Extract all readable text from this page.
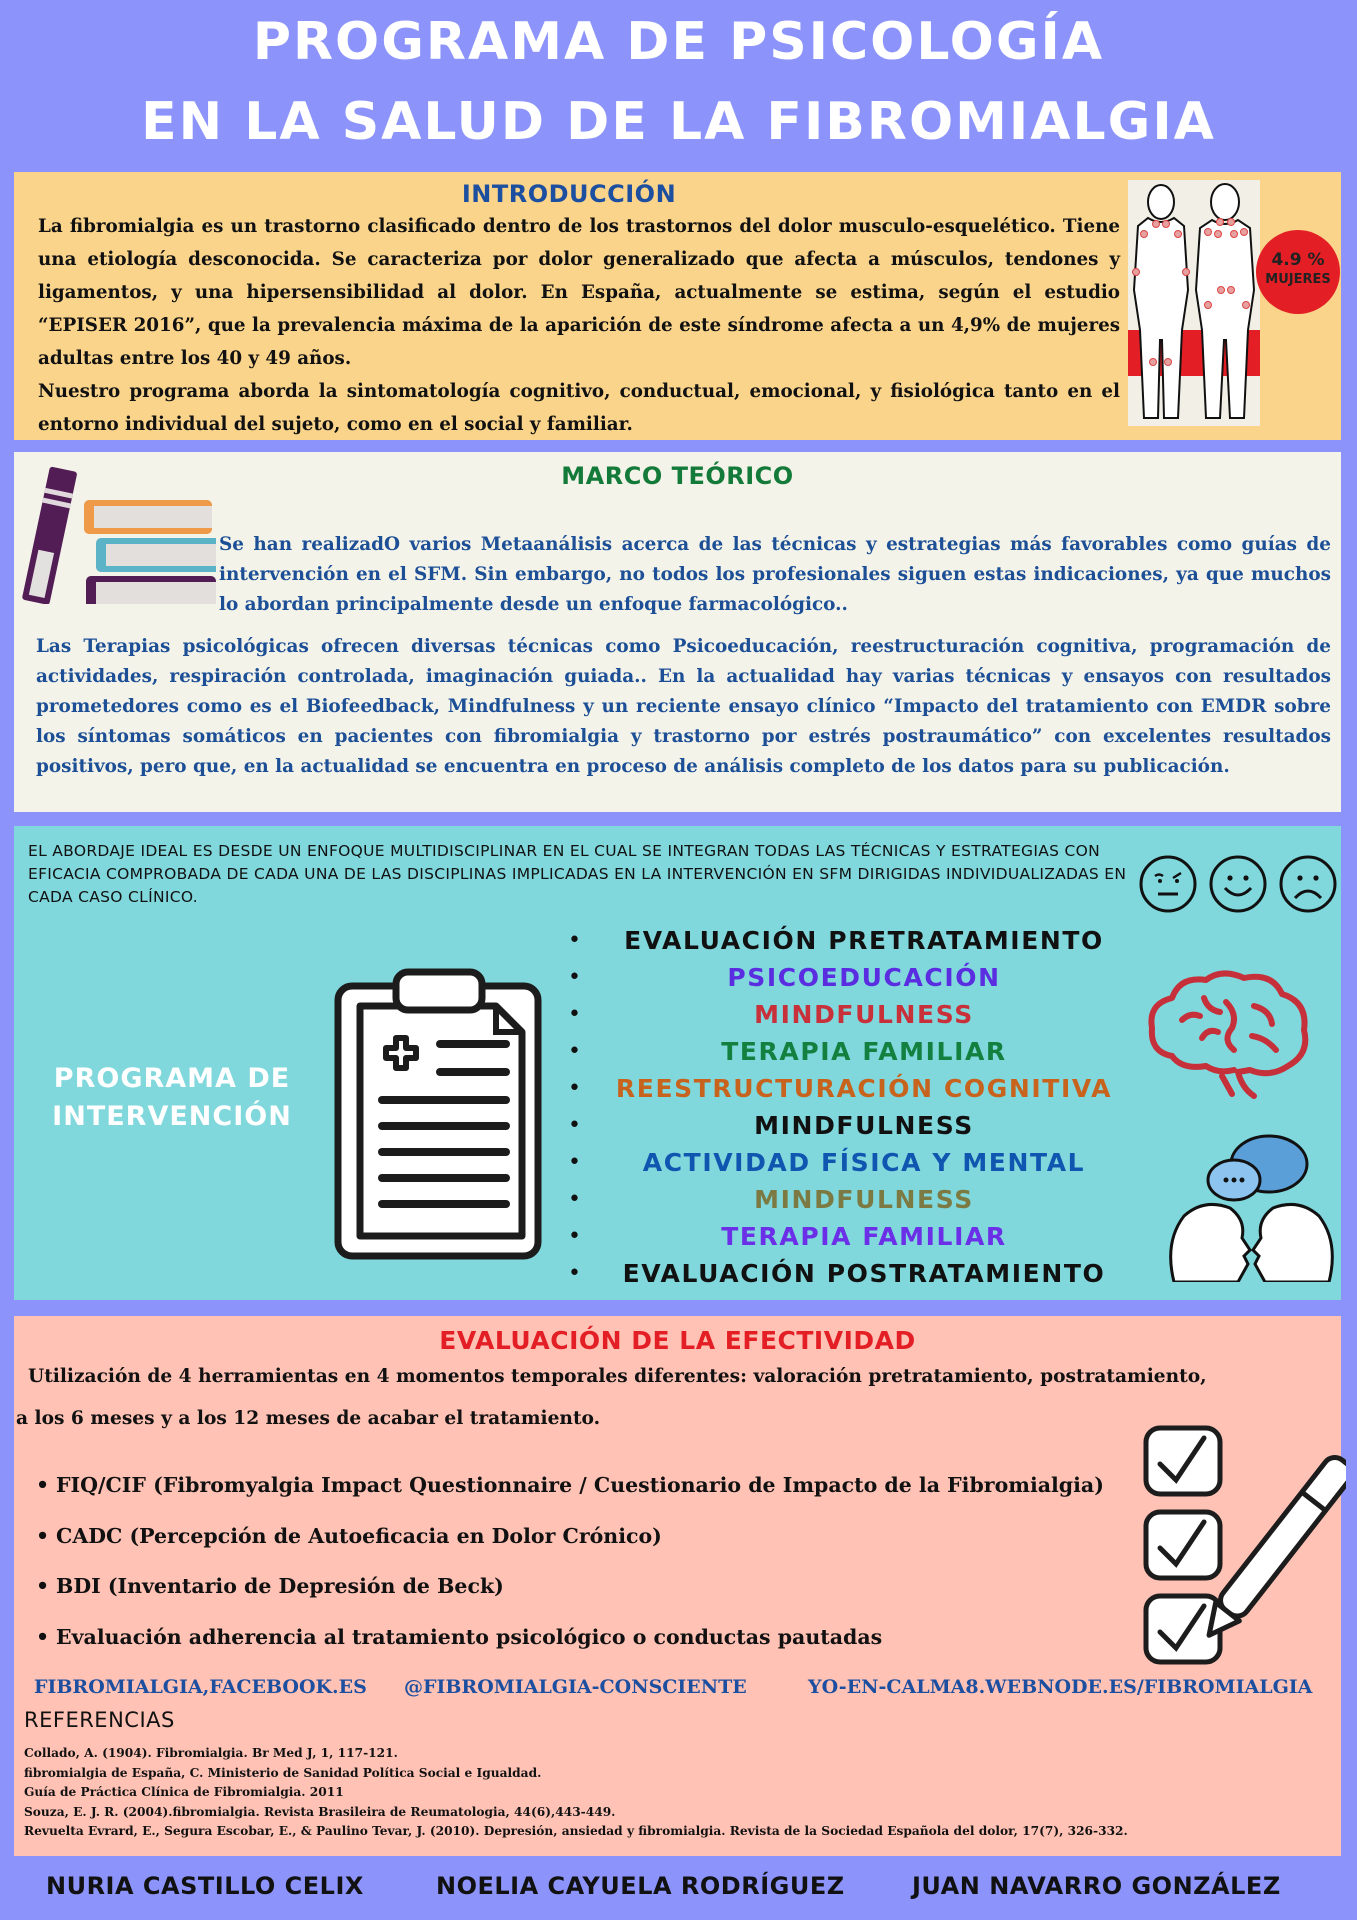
PROGRAMA DE PSICOLOGÍA
EN LA SALUD DE LA FIBROMIALGIA
INTRODUCCIÓN

La fibromialgia es un trastorno clasificado dentro de los trastornos del dolor musculo-esquelético. Tiene una etiología desconocida. Se caracteriza por dolor generalizado que afecta a músculos, tendones y ligamentos, y una hipersensibilidad al dolor. En España, actualmente se estima, según el estudio “EPISER 2016”, que la prevalencia máxima de la aparición de este síndrome afecta a un 4,9% de mujeres adultas entre los 40 y 49 años.

Nuestro programa aborda la sintomatología cognitivo, conductual, emocional, y fisiológica tanto en el entorno individual del sujeto, como en el social y familiar.

4.9 %
MUJERES
MARCO TEÓRICO

Se han realizadO varios Metaanálisis acerca de las técnicas y estrategias más favorables como guías de intervención en el SFM. Sin embargo, no todos los profesionales siguen estas indicaciones, ya que muchos lo abordan principalmente desde un enfoque farmacológico..

Las Terapias psicológicas ofrecen diversas técnicas como Psicoeducación, reestructuración cognitiva, programación de actividades, respiración controlada, imaginación guiada.. En la actualidad hay varias técnicas y ensayos con resultados prometedores como es el Biofeedback, Mindfulness y un reciente ensayo clínico “Impacto del tratamiento con EMDR sobre los síntomas somáticos en pacientes con fibromialgia y trastorno por estrés postraumático” con excelentes resultados positivos, pero que, en la actualidad se encuentra en proceso de análisis completo de los datos para su publicación.

EL ABORDAJE IDEAL ES DESDE UN ENFOQUE MULTIDISCIPLINAR EN EL CUAL SE INTEGRAN TODAS LAS TÉCNICAS Y ESTRATEGIAS CON EFICACIA COMPROBADA DE CADA UNA DE LAS DISCIPLINAS IMPLICADAS EN LA INTERVENCIÓN EN SFM DIRIGIDAS INDIVIDUALIZADAS EN CADA CASO CLÍNICO.
PROGRAMA DE
INTERVENCIÓN
•	EVALUACIÓN PRETRATAMIENTO
•	PSICOEDUCACIÓN
•	MINDFULNESS
•	TERAPIA FAMILIAR
•	REESTRUCTURACIÓN COGNITIVA
•	MINDFULNESS
•	ACTIVIDAD FÍSICA Y MENTAL
•	MINDFULNESS
•	TERAPIA FAMILIAR
•	EVALUACIÓN POSTRATAMIENTO
EVALUACIÓN DE LA EFECTIVIDAD
Utilización de 4 herramientas en 4 momentos temporales diferentes: valoración pretratamiento, postratamiento,
a los 6 meses y a los 12 meses de acabar el tratamiento.
• FIQ/CIF (Fibromyalgia Impact Questionnaire / Cuestionario de Impacto de la Fibromialgia)
• CADC (Percepción de Autoeficacia en Dolor Crónico)
• BDI (Inventario de Depresión de Beck)
• Evaluación adherencia al tratamiento psicológico o conductas pautadas
FIBROMIALGIA,FACEBOOK.ES @FIBROMIALGIA-CONSCIENTE	YO-EN-CALMA8.WEBNODE.ES/FIBROMIALGIA
REFERENCIAS
Collado, A. (1904). Fibromialgia. Br Med J, 1, 117-121.
fibromialgia de España, C. Ministerio de Sanidad Política Social e Igualdad.
Guía de Práctica Clínica de Fibromialgia. 2011
Souza, E. J. R. (2004).fibromialgia. Revista Brasileira de Reumatologia, 44(6),443-449.
Revuelta Evrard, E., Segura Escobar, E., & Paulino Tevar, J. (2010). Depresión, ansiedad y fibromialgia. Revista de la Sociedad Española del dolor, 17(7), 326-332.
NURIA CASTILLO CELIX	NOELIA CAYUELA RODRÍGUEZ	JUAN NAVARRO GONZÁLEZ
